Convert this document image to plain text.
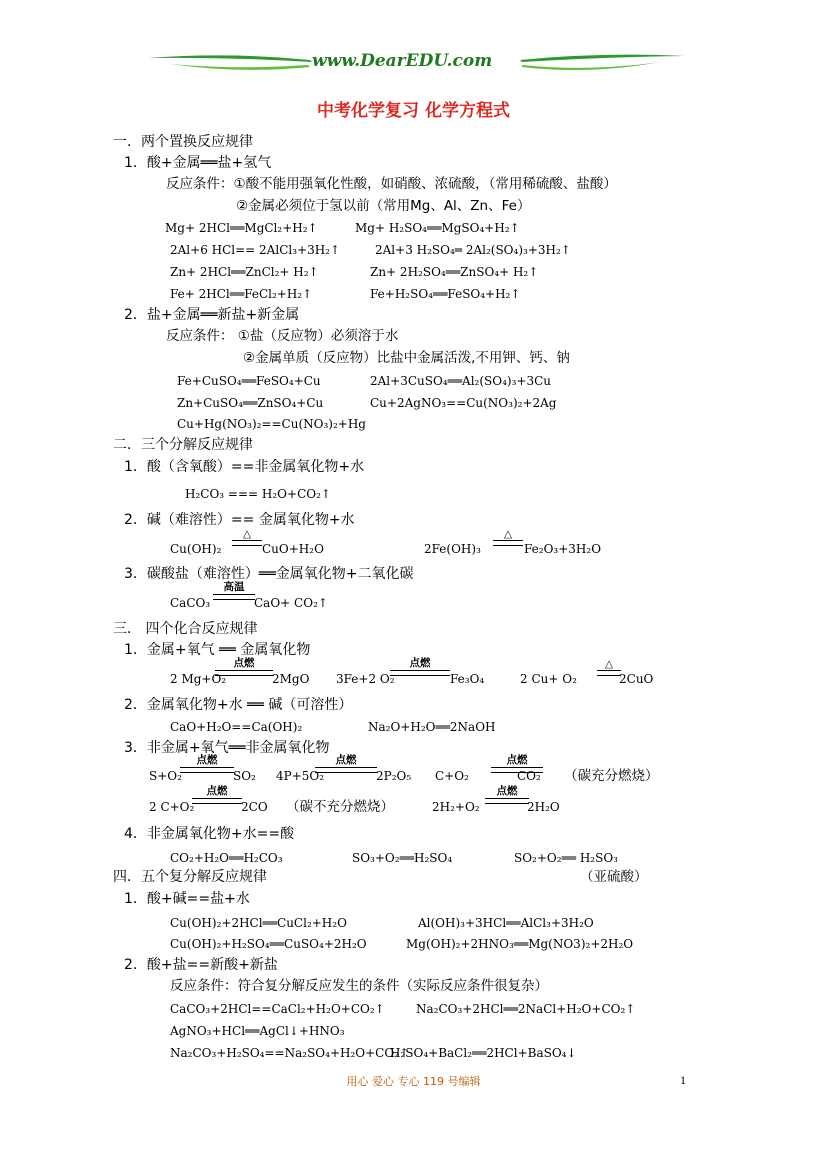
www.DearEDU.com
中考化学复习 化学方程式
一．两个置换反应规律
1．酸+金属══盐+氢气
反应条件：①酸不能用强氧化性酸，如硝酸、浓硫酸，（常用稀硫酸、盐酸）
②金属必须位于氢以前（常用Mg、Al、Zn、Fe）
Mg+ 2HCl══MgCl₂+H₂↑	Mg+ H₂SO₄══MgSO₄+H₂↑
2Al+6 HCl== 2AlCl₃+3H₂↑	2Al+3 H₂SO₄═ 2Al₂(SO₄)₃+3H₂↑
Zn+ 2HCl══ZnCl₂+ H₂↑	Zn+ 2H₂SO₄══ZnSO₄+ H₂↑
Fe+ 2HCl══FeCl₂+H₂↑	Fe+H₂SO₄══FeSO₄+H₂↑
2．盐+金属══新盐+新金属
反应条件： ①盐（反应物）必须溶于水
②金属单质（反应物）比盐中金属活泼,不用钾、钙、钠
Fe+CuSO₄══FeSO₄+Cu	2Al+3CuSO₄══Al₂(SO₄)₃+3Cu
Zn+CuSO₄══ZnSO₄+Cu	Cu+2AgNO₃==Cu(NO₃)₂+2Ag
Cu+Hg(NO₃)₂==Cu(NO₃)₂+Hg
二．三个分解反应规律
1．酸（含氧酸）==非金属氧化物+水
H₂CO₃ === H₂O+CO₂↑
2．碱（难溶性）== 金属氧化物+水
Cu(OH)₂	CuO+H₂O	2Fe(OH)₃	Fe₂O₃+3H₂O
3．碳酸盐（难溶性）══金属氧化物+二氧化碳
CaCO₃	CaO+ CO₂↑
三． 四个化合反应规律
1．金属+氧气 ══ 金属氧化物
2 Mg+O₂	2MgO 3Fe+2 O₂	Fe₃O₄	2 Cu+ O₂	2CuO
2．金属氧化物+水 ══ 碱（可溶性）
CaO+H₂O==Ca(OH)₂	Na₂O+H₂O══2NaOH
3．非金属+氧气══非金属氧化物
S+O₂	SO₂ 4P+5O₂	2P₂O₅ C+O₂	CO₂ （碳充分燃烧）
2 C+O₂	2CO （碳不充分燃烧）	2H₂+O₂	2H₂O
4．非金属氧化物+水==酸
CO₂+H₂O══H₂CO₃	SO₃+O₂══H₂SO₄	SO₂+O₂══ H₂SO₃
四．五个复分解反应规律	（亚硫酸）
1．酸+碱==盐+水
Cu(OH)₂+2HCl══CuCl₂+H₂O	Al(OH)₃+3HCl══AlCl₃+3H₂O
Cu(OH)₂+H₂SO₄══CuSO₄+2H₂O	Mg(OH)₂+2HNO₃══Mg(NO3)₂+2H₂O
2．酸+盐==新酸+新盐
反应条件：符合复分解反应发生的条件（实际反应条件很复杂）
CaCO₃+2HCl==CaCl₂+H₂O+CO₂↑	Na₂CO₃+2HCl══2NaCl+H₂O+CO₂↑
AgNO₃+HCl══AgCl↓+HNO₃
Na₂CO₃+H₂SO₄==Na₂SO₄+H₂O+CO₂↑
H₂SO₄+BaCl₂══2HCl+BaSO₄↓
△	△
高温
点燃	点燃	△
点燃	点燃	点燃
点燃	点燃
用心 爱心 专心 119 号编辑	1
